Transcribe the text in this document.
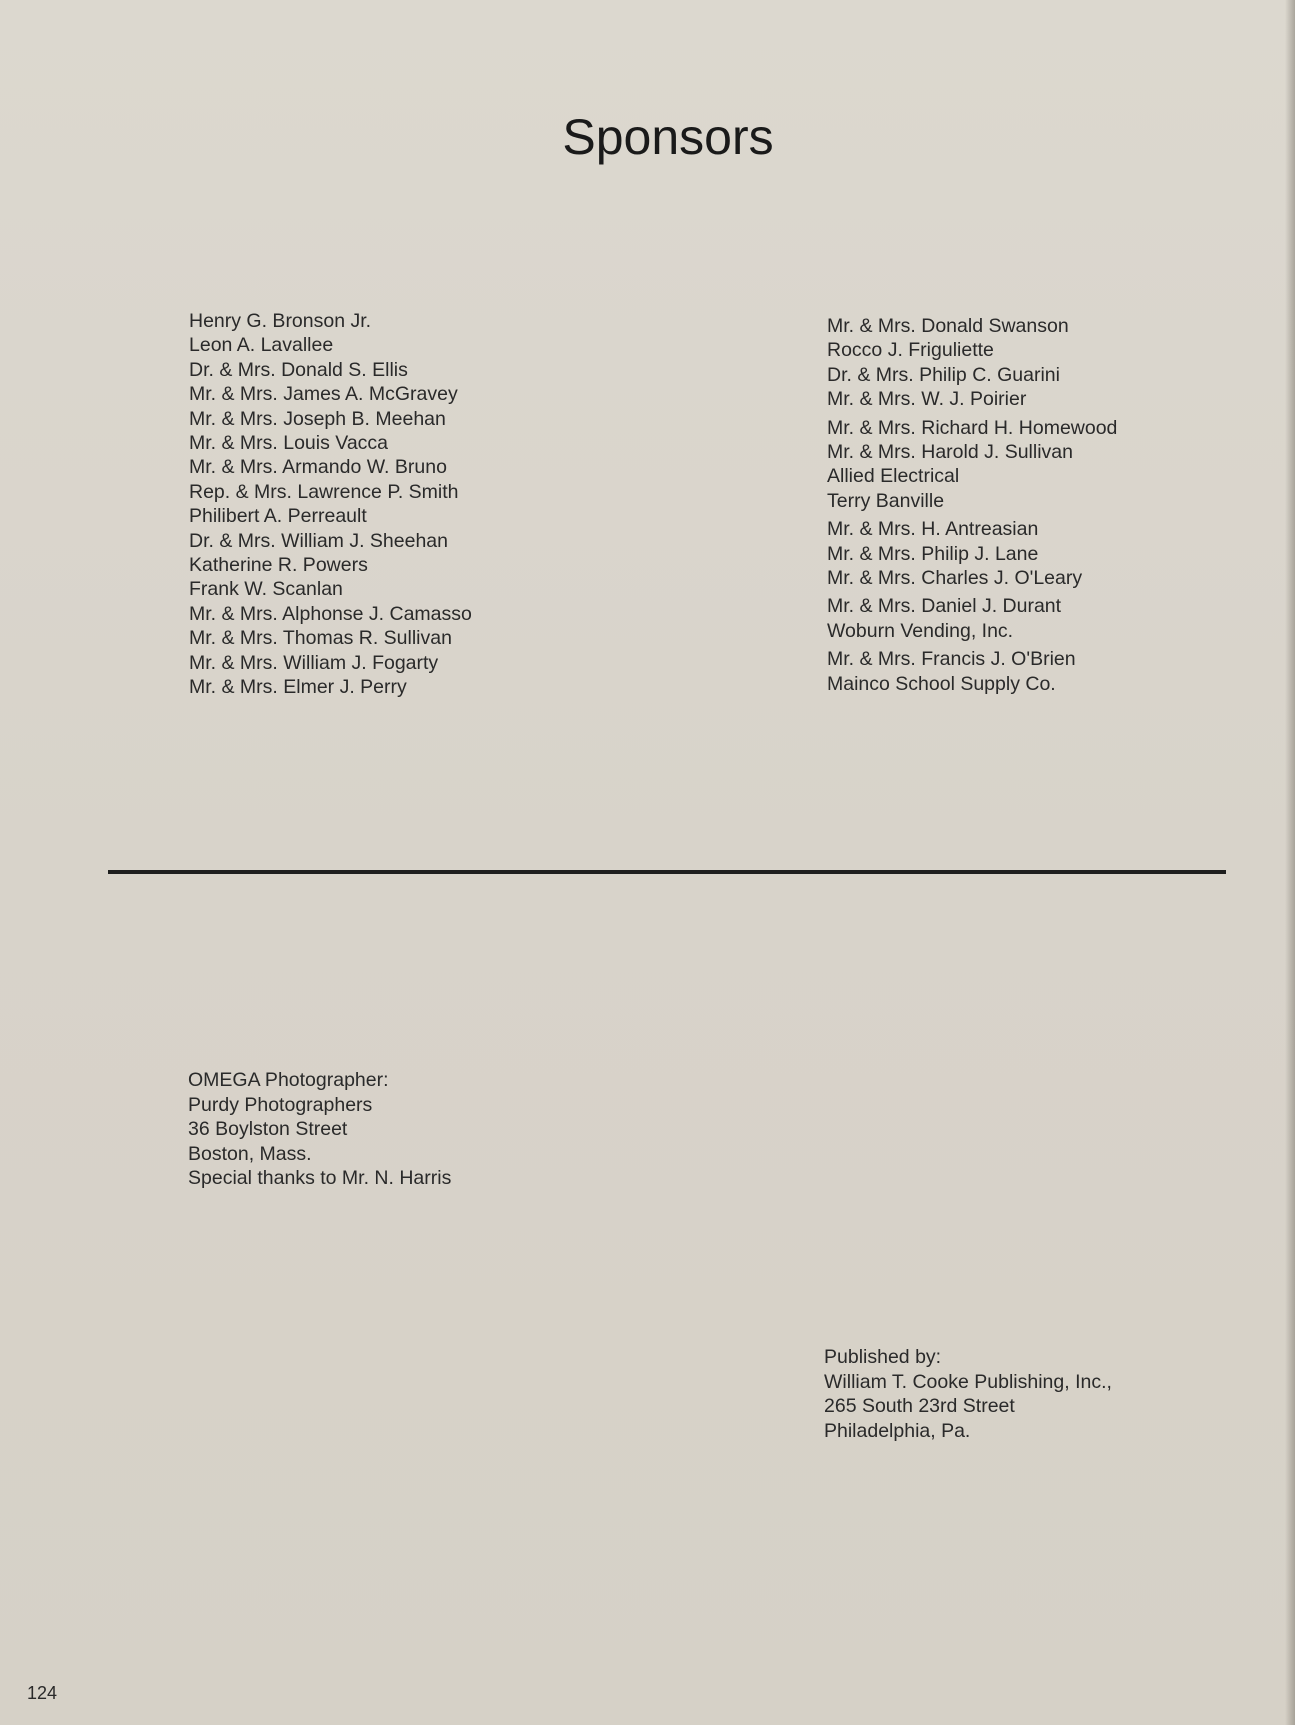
Sponsors
Henry G. Bronson Jr.
Leon A. Lavallee
Dr. & Mrs. Donald S. Ellis
Mr. & Mrs. James A. McGravey
Mr. & Mrs. Joseph B. Meehan
Mr. & Mrs. Louis Vacca
Mr. & Mrs. Armando W. Bruno
Rep. & Mrs. Lawrence P. Smith
Philibert A. Perreault
Dr. & Mrs. William J. Sheehan
Katherine R. Powers
Frank W. Scanlan
Mr. & Mrs. Alphonse J. Camasso
Mr. & Mrs. Thomas R. Sullivan
Mr. & Mrs. William J. Fogarty
Mr. & Mrs. Elmer J. Perry
Mr. & Mrs. Donald Swanson
Rocco J. Friguliette
Dr. & Mrs. Philip C. Guarini
Mr. & Mrs. W. J. Poirier
Mr. & Mrs. Richard H. Homewood
Mr. & Mrs. Harold J. Sullivan
Allied Electrical
Terry Banville
Mr. & Mrs. H. Antreasian
Mr. & Mrs. Philip J. Lane
Mr. & Mrs. Charles J. O'Leary
Mr. & Mrs. Daniel J. Durant
Woburn Vending, Inc.
Mr. & Mrs. Francis J. O'Brien
Mainco School Supply Co.
OMEGA Photographer:
Purdy Photographers
36 Boylston Street
Boston, Mass.
Special thanks to Mr. N. Harris
Published by:
William T. Cooke Publishing, Inc.,
265 South 23rd Street
Philadelphia, Pa.
124
